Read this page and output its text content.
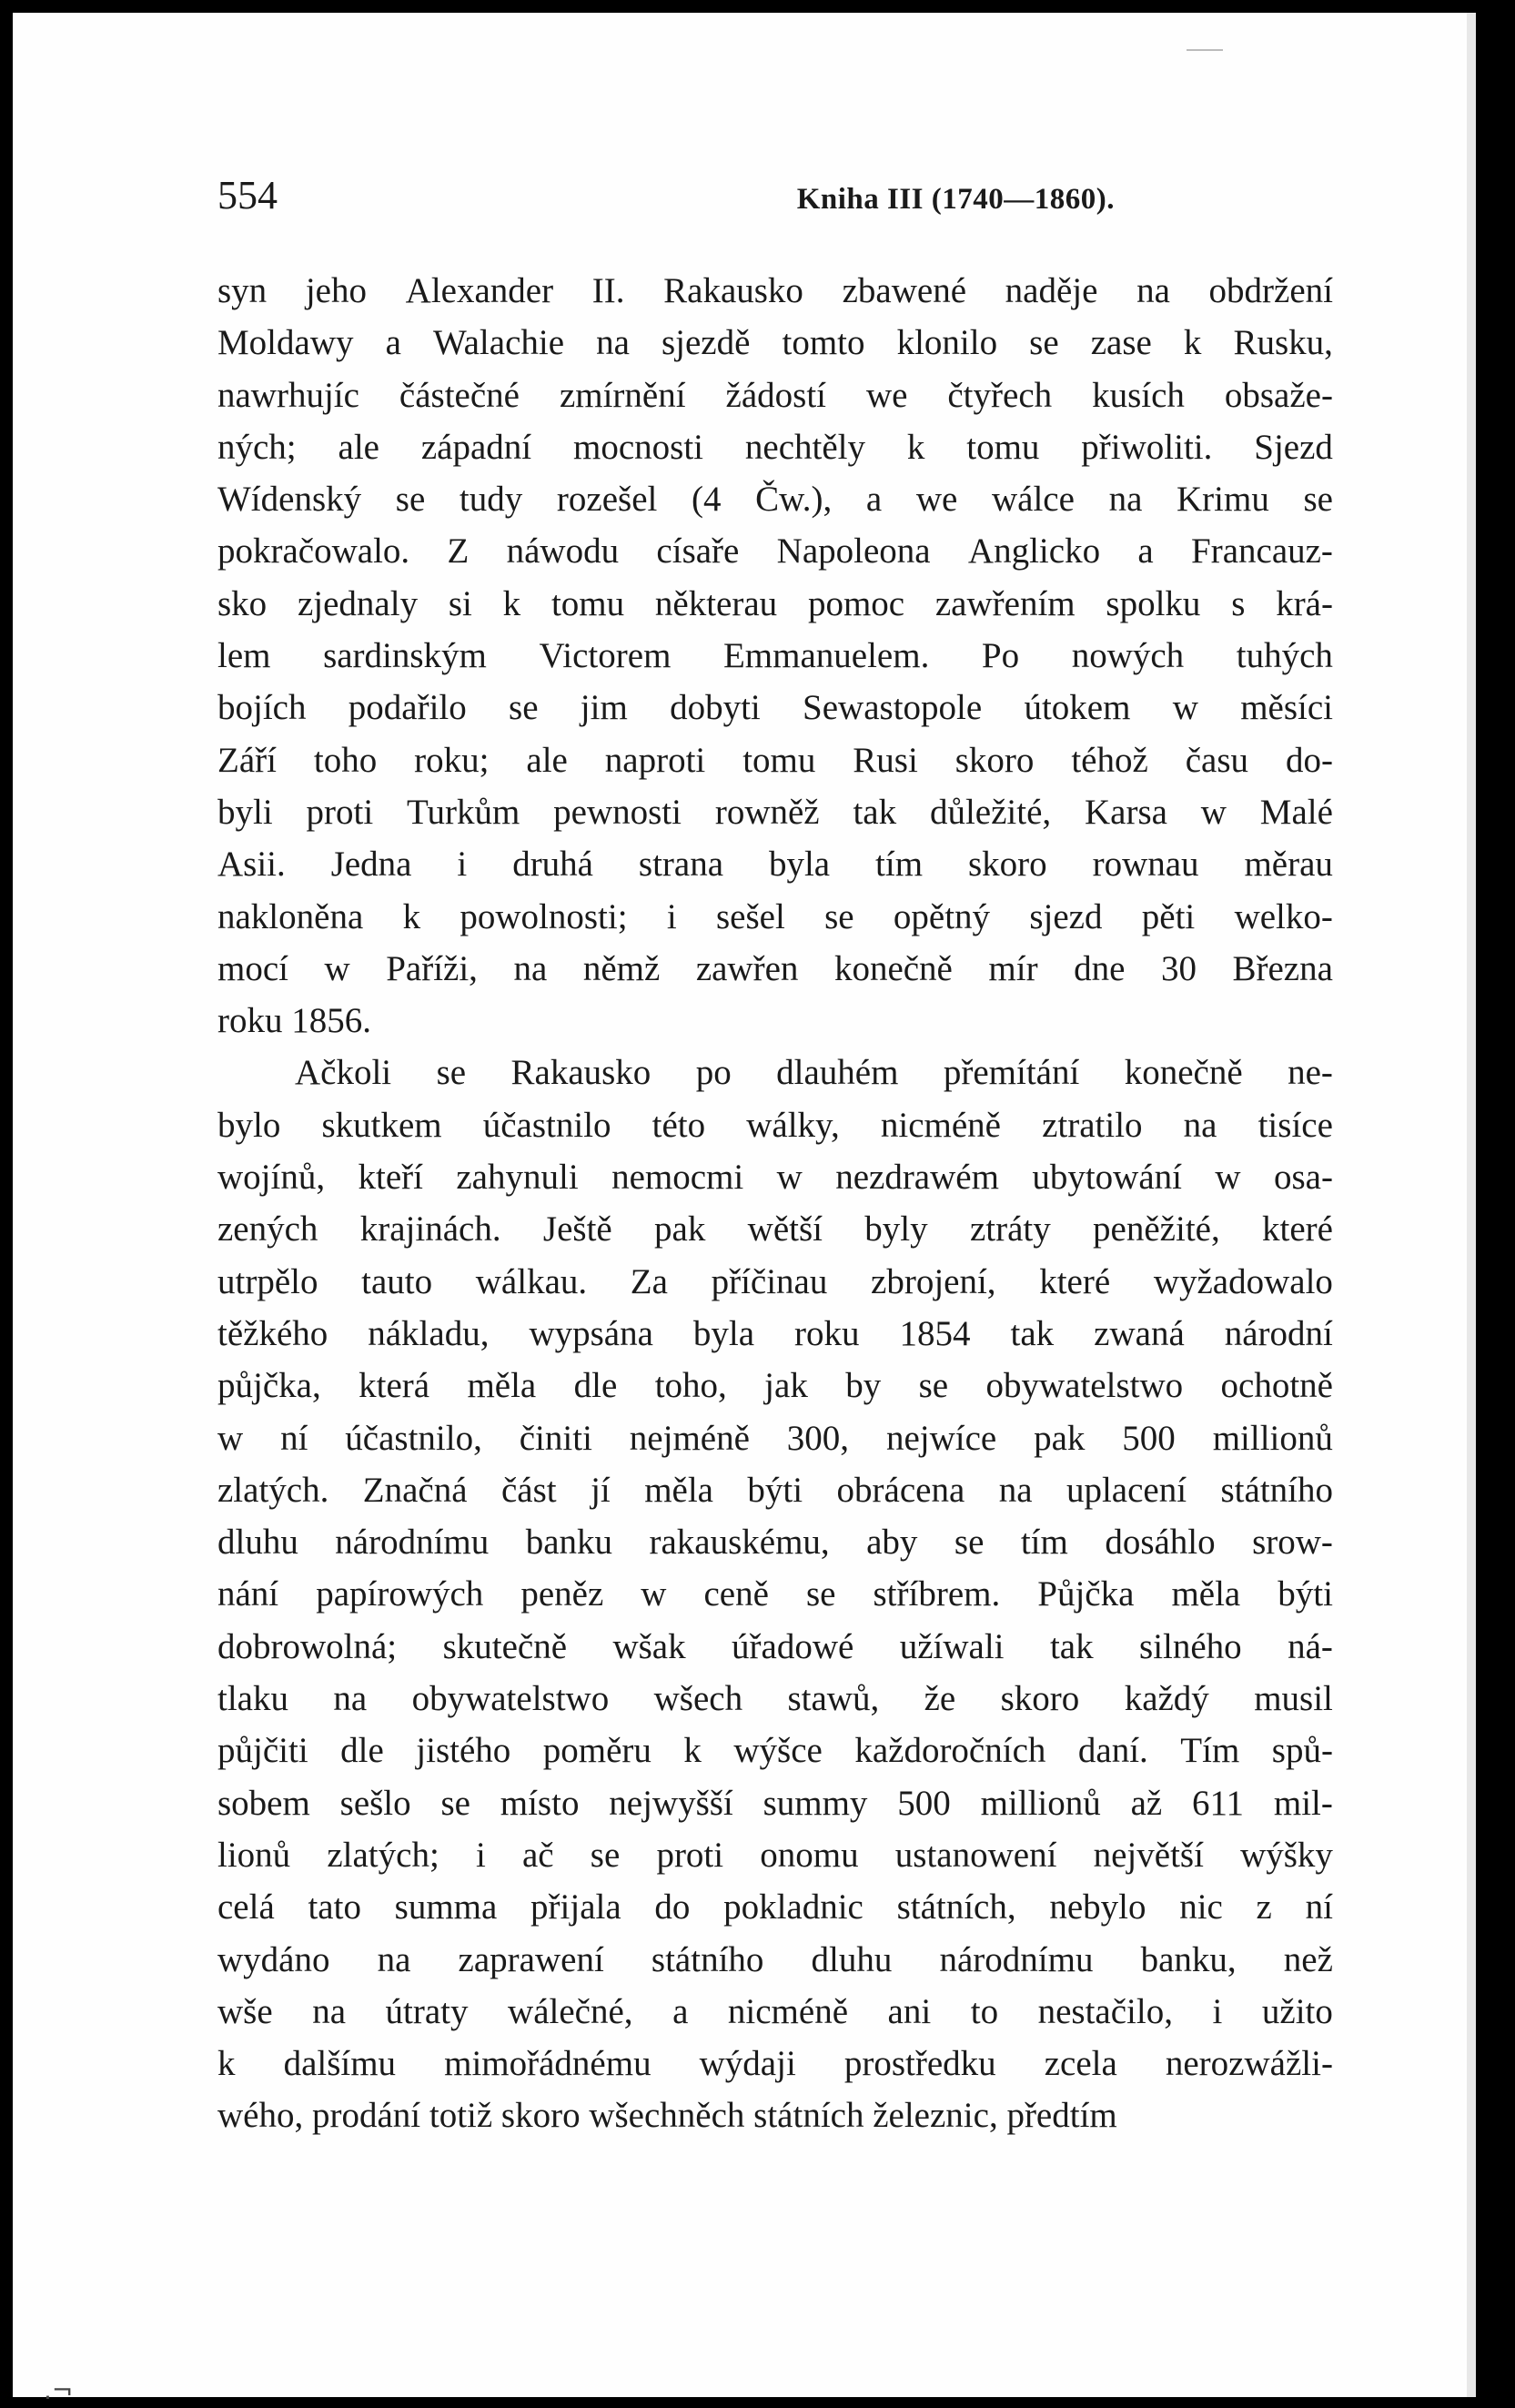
554	Kniha III (1740—1860).
syn jeho Alexander II. Rakausko zbawené naděje na obdržení
Moldawy a Walachie na sjezdě tomto klonilo se zase k Rusku,
nawrhujíc částečné zmírnění žádostí we čtyřech kusích obsaže-
ných; ale západní mocnosti nechtěly k tomu přiwoliti. Sjezd
Wídenský se tudy rozešel (4 Čw.), a we wálce na Krimu se
pokračowalo. Z náwodu císaře Napoleona Anglicko a Francauz-
sko zjednaly si k tomu některau pomoc zawřením spolku s krá-
lem sardinským Victorem Emmanuelem. Po nowých tuhých
bojích podařilo se jim dobyti Sewastopole útokem w měsíci
Září toho roku; ale naproti tomu Rusi skoro téhož času do-
byli proti Turkům pewnosti rowněž tak důležité, Karsa w Malé
Asii. Jedna i druhá strana byla tím skoro rownau měrau
nakloněna k powolnosti; i sešel se opětný sjezd pěti welko-
mocí w Paříži, na němž zawřen konečně mír dne 30 Března
roku 1856.
Ačkoli se Rakausko po dlauhém přemítání konečně ne-
bylo skutkem účastnilo této wálky, nicméně ztratilo na tisíce
wojínů, kteří zahynuli nemocmi w nezdrawém ubytowání w osa-
zených krajinách. Ještě pak wětší byly ztráty peněžité, které
utrpělo tauto wálkau. Za příčinau zbrojení, které wyžadowalo
těžkého nákladu, wypsána byla roku 1854 tak zwaná národní
půjčka, která měla dle toho, jak by se obywatelstwo ochotně
w ní účastnilo, činiti nejméně 300, nejwíce pak 500 millionů
zlatých. Značná část jí měla býti obrácena na uplacení státního
dluhu národnímu banku rakauskému, aby se tím dosáhlo srow-
nání papírowých peněz w ceně se stříbrem. Půjčka měla býti
dobrowolná; skutečně wšak úřadowé užíwali tak silného ná-
tlaku na obywatelstwo wšech stawů, že skoro každý musil
půjčiti dle jistého poměru k wýšce každoročních daní. Tím spů-
sobem sešlo se místo nejwyšší summy 500 millionů až 611 mil-
lionů zlatých; i ač se proti onomu ustanowení největší wýšky
celá tato summa přijala do pokladnic státních, nebylo nic z ní
wydáno na zaprawení státního dluhu národnímu banku, než
wše na útraty wálečné, a nicméně ani to nestačilo, i užito
k dalšímu mimořádnému wýdaji prostředku zcela nerozwážli-
wého, prodání totiž skoro wšechněch státních železnic, předtím
.¬
